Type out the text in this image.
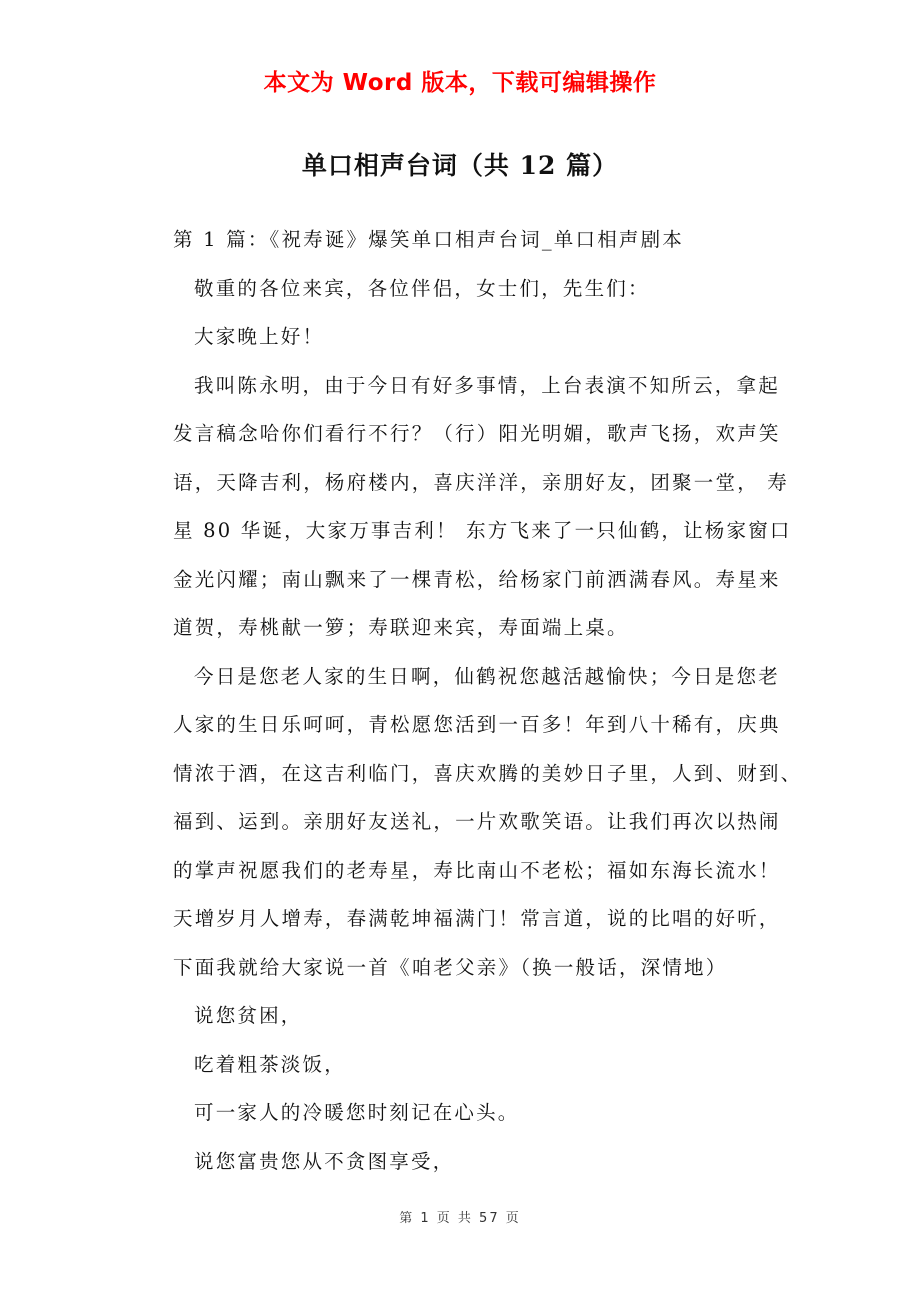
本文为 Word 版本，下载可编辑操作
单口相声台词（共 12 篇）
第 1 篇：《祝寿诞》爆笑单口相声台词_单口相声剧本
敬重的各位来宾，各位伴侣，女士们，先生们：
大家晚上好！
我叫陈永明，由于今日有好多事情，上台表演不知所云，拿起
发言稿念哈你们看行不行？（行）阳光明媚，歌声飞扬，欢声笑
语，天降吉利，杨府楼内，喜庆洋洋，亲朋好友，团聚一堂， 寿
星 80 华诞，大家万事吉利！ 东方飞来了一只仙鹤，让杨家窗口
金光闪耀；南山飘来了一棵青松，给杨家门前洒满春风。寿星来
道贺，寿桃献一箩；寿联迎来宾，寿面端上桌。
今日是您老人家的生日啊，仙鹤祝您越活越愉快；今日是您老
人家的生日乐呵呵，青松愿您活到一百多！年到八十稀有，庆典
情浓于酒，在这吉利临门，喜庆欢腾的美妙日子里，人到、财到、
福到、运到。亲朋好友送礼，一片欢歌笑语。让我们再次以热闹
的掌声祝愿我们的老寿星，寿比南山不老松；福如东海长流水！
天增岁月人增寿，春满乾坤福满门！常言道，说的比唱的好听，
下面我就给大家说一首《咱老父亲》（换一般话，深情地）
说您贫困，
吃着粗茶淡饭，
可一家人的冷暖您时刻记在心头。
说您富贵您从不贪图享受，
第 1 页 共 57 页
